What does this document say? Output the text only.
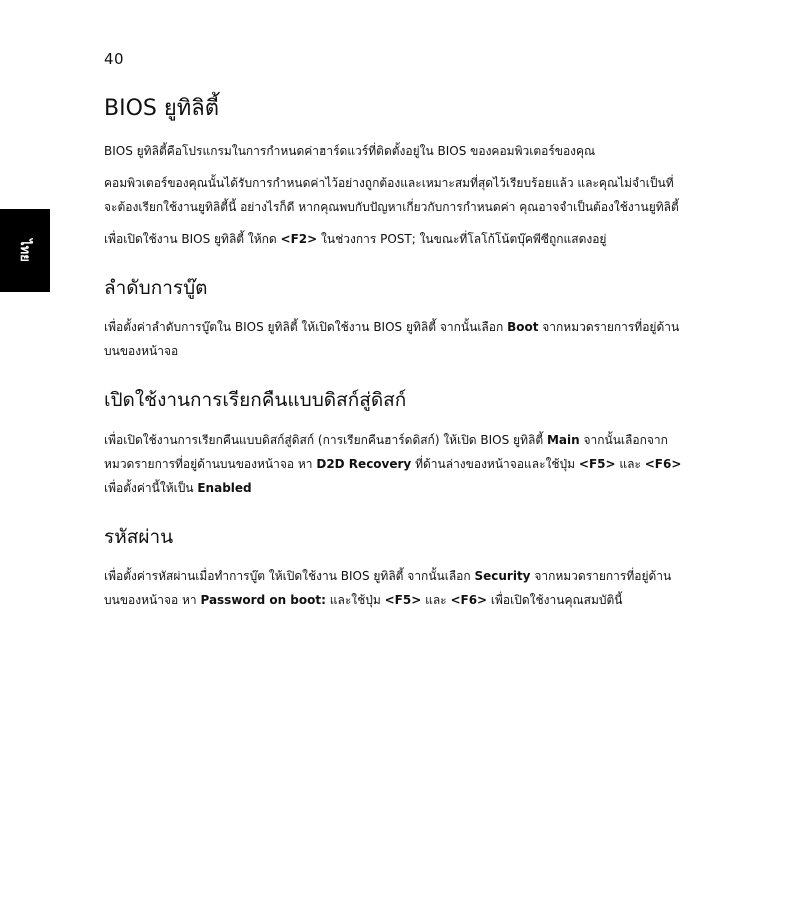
40
ไทย
BIOS ยูทิลิตี้

BIOS ยูทิลิตี้คือโปรแกรมในการกำหนดค่าฮาร์ดแวร์ที่ติดตั้งอยู่ใน BIOS ของคอมพิวเตอร์ของคุณ

คอมพิวเตอร์ของคุณนั้นได้รับการกำหนดค่าไว้อย่างถูกต้องและเหมาะสมที่สุดไว้เรียบร้อยแล้ว และคุณไม่จำเป็นที่จะต้องเรียกใช้งานยูทิลิตี้นี้ อย่างไรก็ดี หากคุณพบกับปัญหาเกี่ยวกับการกำหนดค่า คุณอาจจำเป็นต้องใช้งานยูทิลิตี้

เพื่อเปิดใช้งาน BIOS ยูทิลิตี้ ให้กด <F2> ในช่วงการ POST; ในขณะที่โลโก้โน้ตบุ๊คพีซีถูกแสดงอยู่

ลำดับการบู๊ต

เพื่อตั้งค่าลำดับการบู๊ตใน BIOS ยูทิลิตี้ ให้เปิดใช้งาน BIOS ยูทิลิตี้ จากนั้นเลือก Boot จากหมวดรายการที่อยู่ด้านบนของหน้าจอ

เปิดใช้งานการเรียกคืนแบบดิสก์สู่ดิสก์

เพื่อเปิดใช้งานการเรียกคืนแบบดิสก์สู่ดิสก์ (การเรียกคืนฮาร์ดดิสก์) ให้เปิด BIOS ยูทิลิตี้ Main จากนั้นเลือกจากหมวดรายการที่อยู่ด้านบนของหน้าจอ หา D2D Recovery ที่ด้านล่างของหน้าจอและใช้ปุ่ม <F5> และ <F6> เพื่อตั้งค่านี้ให้เป็น Enabled

รหัสผ่าน

เพื่อตั้งค่ารหัสผ่านเมื่อทำการบู๊ต ให้เปิดใช้งาน BIOS ยูทิลิตี้ จากนั้นเลือก Security จากหมวดรายการที่อยู่ด้านบนของหน้าจอ หา Password on boot: และใช้ปุ่ม <F5> และ <F6> เพื่อเปิดใช้งานคุณสมบัตินี้
